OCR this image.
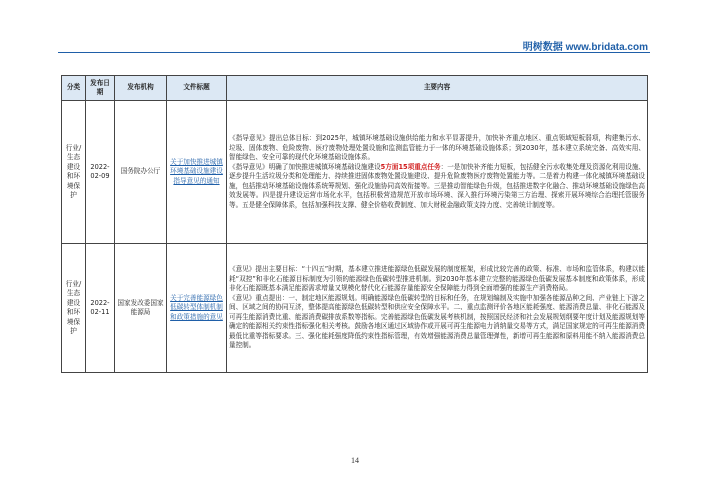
明树数据 www.bridata.com
分类	发布日期	发布机构	文件标题	主要内容
行业/生态建设和环境保护	2022-02-09	国务院办公厅	关于加快推进城镇环境基础设施建设指导意见的通知	《指导意见》提出总体目标：到2025年，城镇环境基础设施供给能力和水平显著提升，加快补齐重点地区、重点领域短板弱项，构建集污水、垃圾、固体废物、危险废物、医疗废物处理处置设施和监测监管能力于一体的环境基础设施体系；到2030年，基本建立系统完备、高效实用、智能绿色、安全可靠的现代化环境基础设施体系。
《指导意见》明确了加快推进城镇环境基础设施建设5方面15项重点任务：一是加快补齐能力短板，包括健全污水收集处理及资源化利用设施、逐步提升生活垃圾分类和处理能力、持续推进固体废物处置设施建设、提升危险废物医疗废物处置能力等。二是着力构建一体化城镇环境基础设施，包括推动环境基础设施体系统筹规划、强化设施协同高效衔接等。三是推动智能绿色升级，包括推进数字化融合、推动环境基础设施绿色高效发展等。四是提升建设运营市场化水平，包括积极营造规范开放市场环境、深入推行环境污染第三方治理、探索开展环境综合治理托管服务等。五是健全保障体系，包括加强科技支撑、健全价格收费制度、加大财税金融政策支持力度、完善统计制度等。

行业/生态建设和环境保护	2022-02-11	国家发改委国家能源局	关于完善能源绿色低碳转型体制机制和政策措施的意见	《意见》提出主要目标：“十四五”时期，基本建立推进能源绿色低碳发展的制度框架，形成比较完善的政策、标准、市场和监管体系，构建以能耗“双控”和非化石能源目标制度为引领的能源绿色低碳转型推进机制。到2030年基本建立完整的能源绿色低碳发展基本制度和政策体系，形成非化石能源既基本满足能源需求增量又规模化替代化石能源存量能源安全保障能力得到全面增强的能源生产消费格局。
《意见》重点提出：一、制定地区能源规划。明确能源绿色低碳转型的目标和任务，在规划编制及实施中加强各能源品种之间、产业链上下游之间、区域之间的协同互济，整体提高能源绿色低碳转型和供应安全保障水平。二、重点监测评价各地区能耗强度、能源消费总量、非化石能源及可再生能源消费比重、能源消费碳排放系数等指标。完善能源绿色低碳发展考核机制，按照国民经济和社会发展规划纲要年度计划及能源规划等确定的能源相关约束性指标强化相关考核。鼓励各地区通过区域协作或开展可再生能源电力消纳量交易等方式，满足国家规定的可再生能源消费最低比重等指标要求。三、强化能耗强度降低约束性指标管理，有效增强能源消费总量管理弹性，新增可再生能源和原料用能不纳入能源消费总量控制。
14
